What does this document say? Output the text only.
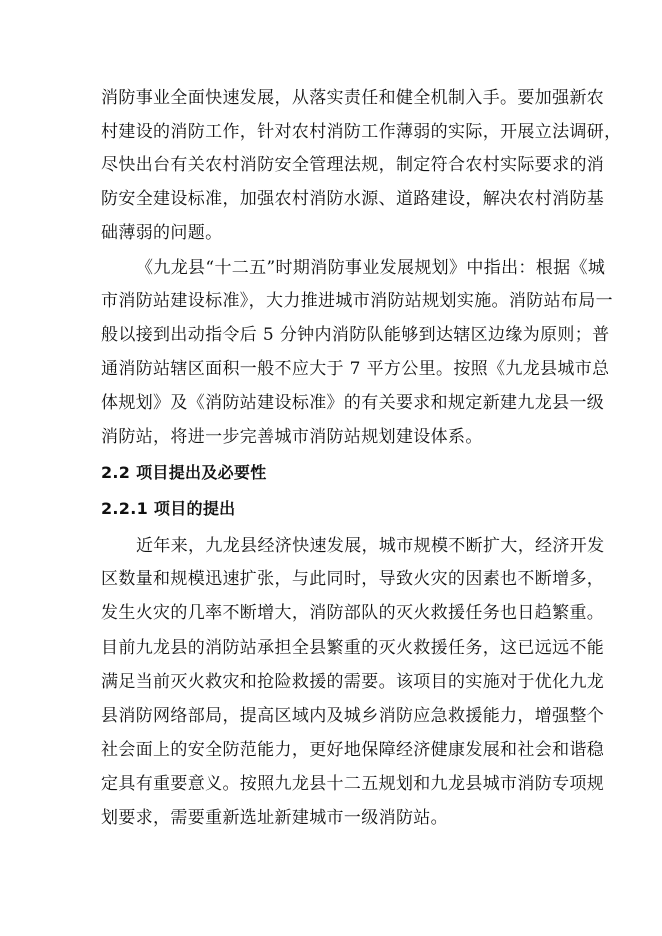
消防事业全面快速发展，从落实责任和健全机制入手。要加强新农
村建设的消防工作，针对农村消防工作薄弱的实际，开展立法调研，
尽快出台有关农村消防安全管理法规，制定符合农村实际要求的消
防安全建设标准，加强农村消防水源、道路建设，解决农村消防基
础薄弱的问题。
《九龙县“十二五”时期消防事业发展规划》中指出：根据《城
市消防站建设标准》，大力推进城市消防站规划实施。消防站布局一
般以接到出动指令后 5 分钟内消防队能够到达辖区边缘为原则；普
通消防站辖区面积一般不应大于 7 平方公里。按照《九龙县城市总
体规划》及《消防站建设标准》的有关要求和规定新建九龙县一级
消防站，将进一步完善城市消防站规划建设体系。
2.2 项目提出及必要性
2.2.1 项目的提出
近年来，九龙县经济快速发展，城市规模不断扩大，经济开发
区数量和规模迅速扩张，与此同时，导致火灾的因素也不断增多，
发生火灾的几率不断增大，消防部队的灭火救援任务也日趋繁重。
目前九龙县的消防站承担全县繁重的灭火救援任务，这已远远不能
满足当前灭火救灾和抢险救援的需要。该项目的实施对于优化九龙
县消防网络部局，提高区域内及城乡消防应急救援能力，增强整个
社会面上的安全防范能力，更好地保障经济健康发展和社会和谐稳
定具有重要意义。按照九龙县十二五规划和九龙县城市消防专项规
划要求，需要重新选址新建城市一级消防站。
